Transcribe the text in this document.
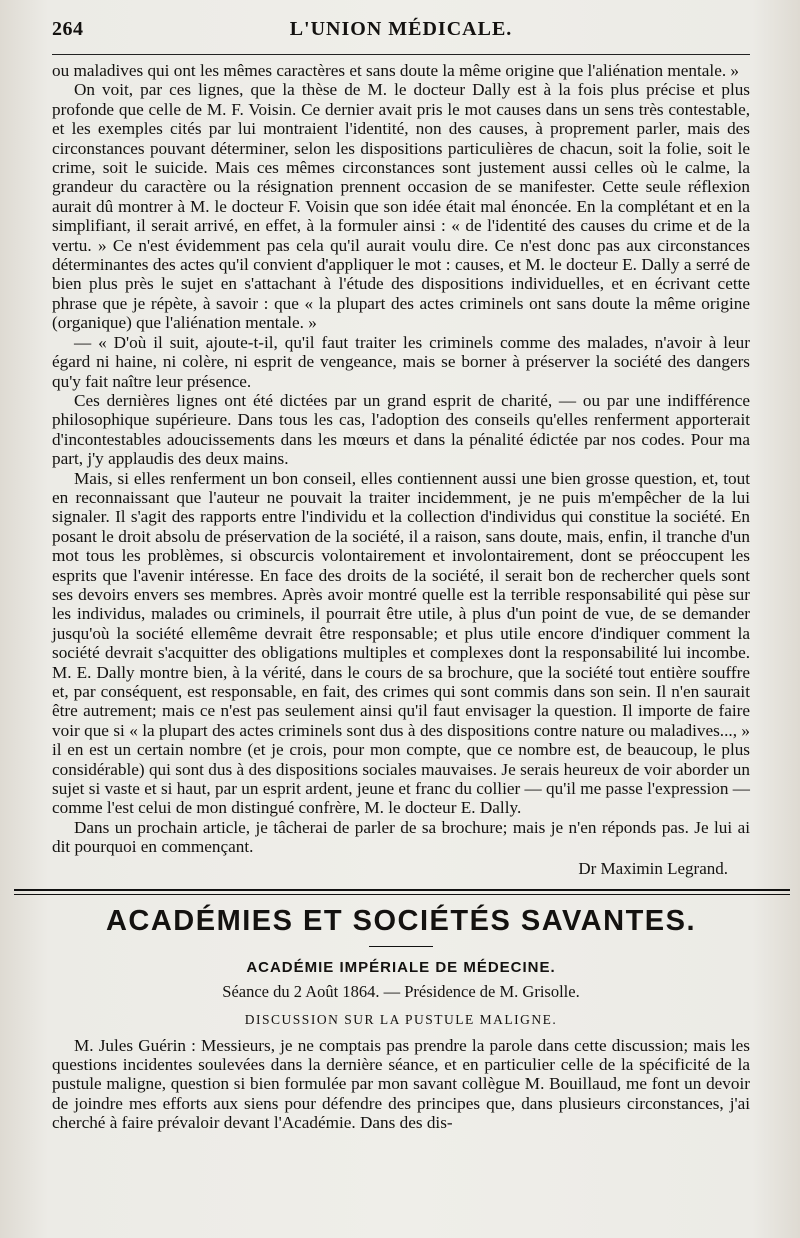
264	L'UNION MÉDICALE.

ou maladives qui ont les mêmes caractères et sans doute la même origine que l'aliénation mentale. »

On voit, par ces lignes, que la thèse de M. le docteur Dally est à la fois plus précise et plus profonde que celle de M. F. Voisin. Ce dernier avait pris le mot causes dans un sens très contestable, et les exemples cités par lui montraient l'identité, non des causes, à proprement parler, mais des circonstances pouvant déterminer, selon les dispositions particulières de chacun, soit la folie, soit le crime, soit le suicide. Mais ces mêmes circonstances sont justement aussi celles où le calme, la grandeur du caractère ou la résignation prennent occasion de se manifester. Cette seule réflexion aurait dû montrer à M. le docteur F. Voisin que son idée était mal énoncée. En la complétant et en la simplifiant, il serait arrivé, en effet, à la formuler ainsi : « de l'identité des causes du crime et de la vertu. » Ce n'est évidemment pas cela qu'il aurait voulu dire. Ce n'est donc pas aux circonstances déterminantes des actes qu'il convient d'appliquer le mot : causes, et M. le docteur E. Dally a serré de bien plus près le sujet en s'attachant à l'étude des dispositions individuelles, et en écrivant cette phrase que je répète, à savoir : que « la plupart des actes criminels ont sans doute la même origine (organique) que l'aliénation mentale. »

— « D'où il suit, ajoute-t-il, qu'il faut traiter les criminels comme des malades, n'avoir à leur égard ni haine, ni colère, ni esprit de vengeance, mais se borner à préserver la société des dangers qu'y fait naître leur présence.

Ces dernières lignes ont été dictées par un grand esprit de charité, — ou par une indifférence philosophique supérieure. Dans tous les cas, l'adoption des conseils qu'elles renferment apporterait d'incontestables adoucissements dans les mœurs et dans la pénalité édictée par nos codes. Pour ma part, j'y applaudis des deux mains.

Mais, si elles renferment un bon conseil, elles contiennent aussi une bien grosse question, et, tout en reconnaissant que l'auteur ne pouvait la traiter incidemment, je ne puis m'empêcher de la lui signaler. Il s'agit des rapports entre l'individu et la collection d'individus qui constitue la société. En posant le droit absolu de préservation de la société, il a raison, sans doute, mais, enfin, il tranche d'un mot tous les problèmes, si obscurcis volontairement et involontairement, dont se préoccupent les esprits que l'avenir intéresse. En face des droits de la société, il serait bon de rechercher quels sont ses devoirs envers ses membres. Après avoir montré quelle est la terrible responsabilité qui pèse sur les individus, malades ou criminels, il pourrait être utile, à plus d'un point de vue, de se demander jusqu'où la société ellemême devrait être responsable; et plus utile encore d'indiquer comment la société devrait s'acquitter des obligations multiples et complexes dont la responsabilité lui incombe. M. E. Dally montre bien, à la vérité, dans le cours de sa brochure, que la société tout entière souffre et, par conséquent, est responsable, en fait, des crimes qui sont commis dans son sein. Il n'en saurait être autrement; mais ce n'est pas seulement ainsi qu'il faut envisager la question. Il importe de faire voir que si « la plupart des actes criminels sont dus à des dispositions contre nature ou maladives..., » il en est un certain nombre (et je crois, pour mon compte, que ce nombre est, de beaucoup, le plus considérable) qui sont dus à des dispositions sociales mauvaises. Je serais heureux de voir aborder un sujet si vaste et si haut, par un esprit ardent, jeune et franc du collier — qu'il me passe l'expression — comme l'est celui de mon distingué confrère, M. le docteur E. Dally.

Dans un prochain article, je tâcherai de parler de sa brochure; mais je n'en réponds pas. Je lui ai dit pourquoi en commençant.

Dr Maximin Legrand.
ACADÉMIES ET SOCIÉTÉS SAVANTES.
ACADÉMIE IMPÉRIALE DE MÉDECINE.
Séance du 2 Août 1864. — Présidence de M. Grisolle.
DISCUSSION SUR LA PUSTULE MALIGNE.

M. Jules Guérin : Messieurs, je ne comptais pas prendre la parole dans cette discussion; mais les questions incidentes soulevées dans la dernière séance, et en particulier celle de la spécificité de la pustule maligne, question si bien formulée par mon savant collègue M. Bouillaud, me font un devoir de joindre mes efforts aux siens pour défendre des principes que, dans plusieurs circonstances, j'ai cherché à faire prévaloir devant l'Académie. Dans des dis-
